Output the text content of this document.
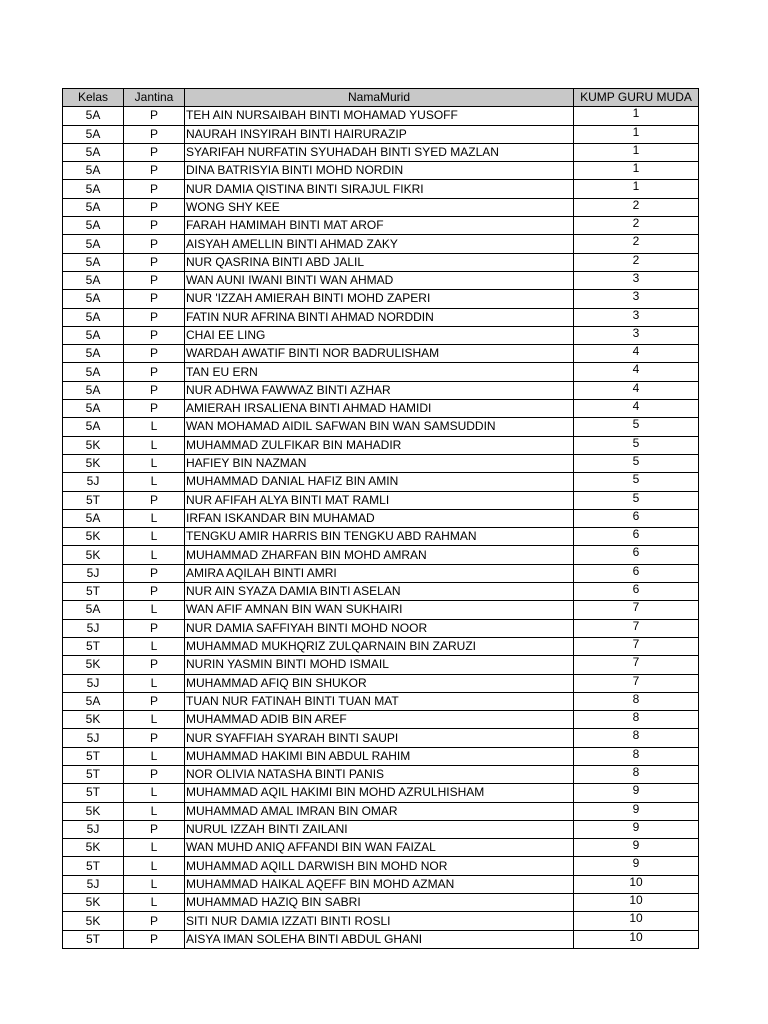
Kelas	Jantina	NamaMurid	KUMP GURU MUDA
5A	P	TEH AIN NURSAIBAH BINTI MOHAMAD YUSOFF	1
5A	P	NAURAH INSYIRAH BINTI HAIRURAZIP	1
5A	P	SYARIFAH NURFATIN SYUHADAH BINTI SYED MAZLAN	1
5A	P	DINA BATRISYIA BINTI MOHD NORDIN	1
5A	P	NUR DAMIA QISTINA BINTI SIRAJUL FIKRI	1
5A	P	WONG SHY KEE	2
5A	P	FARAH HAMIMAH BINTI MAT AROF	2
5A	P	AISYAH AMELLIN BINTI AHMAD ZAKY	2
5A	P	NUR QASRINA BINTI ABD JALIL	2
5A	P	WAN AUNI IWANI BINTI WAN AHMAD	3
5A	P	NUR 'IZZAH AMIERAH BINTI MOHD ZAPERI	3
5A	P	FATIN NUR AFRINA BINTI AHMAD NORDDIN	3
5A	P	CHAI EE LING	3
5A	P	WARDAH AWATIF BINTI NOR BADRULISHAM	4
5A	P	TAN EU ERN	4
5A	P	NUR ADHWA FAWWAZ BINTI AZHAR	4
5A	P	AMIERAH IRSALIENA BINTI AHMAD HAMIDI	4
5A	L	WAN MOHAMAD AIDIL SAFWAN BIN WAN SAMSUDDIN	5
5K	L	MUHAMMAD ZULFIKAR BIN MAHADIR	5
5K	L	HAFIEY BIN NAZMAN	5
5J	L	MUHAMMAD DANIAL HAFIZ BIN AMIN	5
5T	P	NUR AFIFAH ALYA BINTI MAT RAMLI	5
5A	L	IRFAN ISKANDAR BIN MUHAMAD	6
5K	L	TENGKU AMIR HARRIS BIN TENGKU ABD RAHMAN	6
5K	L	MUHAMMAD ZHARFAN BIN MOHD AMRAN	6
5J	P	AMIRA AQILAH BINTI AMRI	6
5T	P	NUR AIN SYAZA DAMIA BINTI ASELAN	6
5A	L	WAN AFIF AMNAN BIN WAN SUKHAIRI	7
5J	P	NUR DAMIA SAFFIYAH BINTI MOHD NOOR	7
5T	L	MUHAMMAD MUKHQRIZ ZULQARNAIN BIN ZARUZI	7
5K	P	NURIN YASMIN BINTI MOHD ISMAIL	7
5J	L	MUHAMMAD AFIQ BIN SHUKOR	7
5A	P	TUAN NUR FATINAH BINTI TUAN MAT	8
5K	L	MUHAMMAD ADIB BIN AREF	8
5J	P	NUR SYAFFIAH SYARAH BINTI SAUPI	8
5T	L	MUHAMMAD HAKIMI BIN ABDUL RAHIM	8
5T	P	NOR OLIVIA NATASHA BINTI PANIS	8
5T	L	MUHAMMAD AQIL HAKIMI BIN MOHD AZRULHISHAM	9
5K	L	MUHAMMAD AMAL IMRAN BIN OMAR	9
5J	P	NURUL IZZAH BINTI ZAILANI	9
5K	L	WAN MUHD ANIQ AFFANDI BIN WAN FAIZAL	9
5T	L	MUHAMMAD AQILL DARWISH BIN MOHD NOR	9
5J	L	MUHAMMAD HAIKAL AQEFF BIN MOHD AZMAN	10
5K	L	MUHAMMAD HAZIQ BIN SABRI	10
5K	P	SITI NUR DAMIA IZZATI BINTI ROSLI	10
5T	P	AISYA IMAN SOLEHA BINTI ABDUL GHANI	10
